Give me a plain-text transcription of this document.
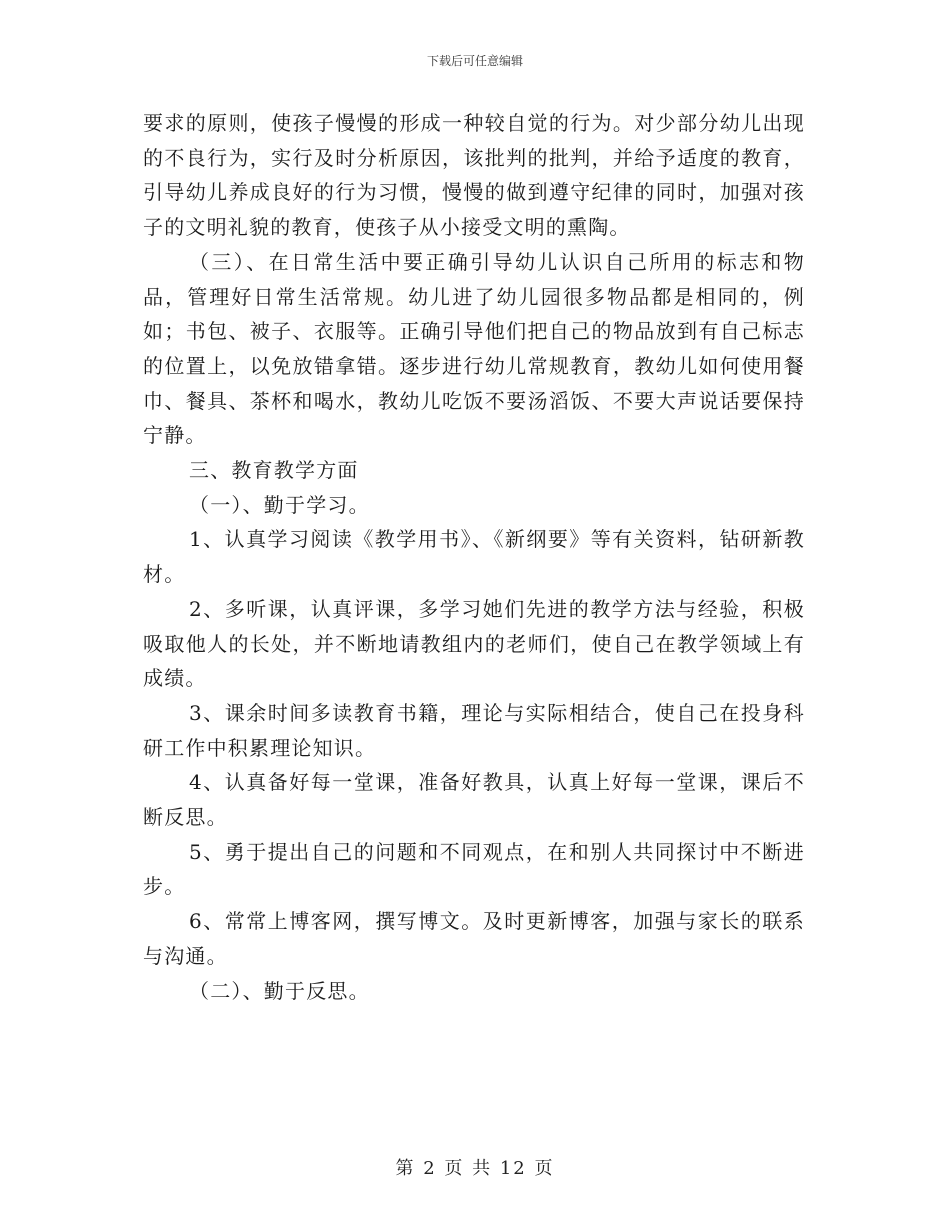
下载后可任意编辑

要求的原则，使孩子慢慢的形成一种较自觉的行为。对少部分幼儿出现的不良行为，实行及时分析原因，该批判的批判，并给予适度的教育，引导幼儿养成良好的行为习惯，慢慢的做到遵守纪律的同时，加强对孩子的文明礼貌的教育，使孩子从小接受文明的熏陶。

（三）、在日常生活中要正确引导幼儿认识自己所用的标志和物品，管理好日常生活常规。幼儿进了幼儿园很多物品都是相同的，例如；书包、被子、衣服等。正确引导他们把自己的物品放到有自己标志的位置上，以免放错拿错。逐步进行幼儿常规教育，教幼儿如何使用餐巾、餐具、茶杯和喝水，教幼儿吃饭不要汤滔饭、不要大声说话要保持宁静。

三、教育教学方面

（一）、勤于学习。

1、认真学习阅读《教学用书》、《新纲要》等有关资料，钻研新教材。

2、多听课，认真评课，多学习她们先进的教学方法与经验，积极吸取他人的长处，并不断地请教组内的老师们，使自己在教学领域上有成绩。

3、课余时间多读教育书籍，理论与实际相结合，使自己在投身科研工作中积累理论知识。

4、认真备好每一堂课，准备好教具，认真上好每一堂课，课后不断反思。

5、勇于提出自己的问题和不同观点，在和别人共同探讨中不断进步。

6、常常上博客网，撰写博文。及时更新博客，加强与家长的联系与沟通。

（二）、勤于反思。

第 2 页 共 12 页
